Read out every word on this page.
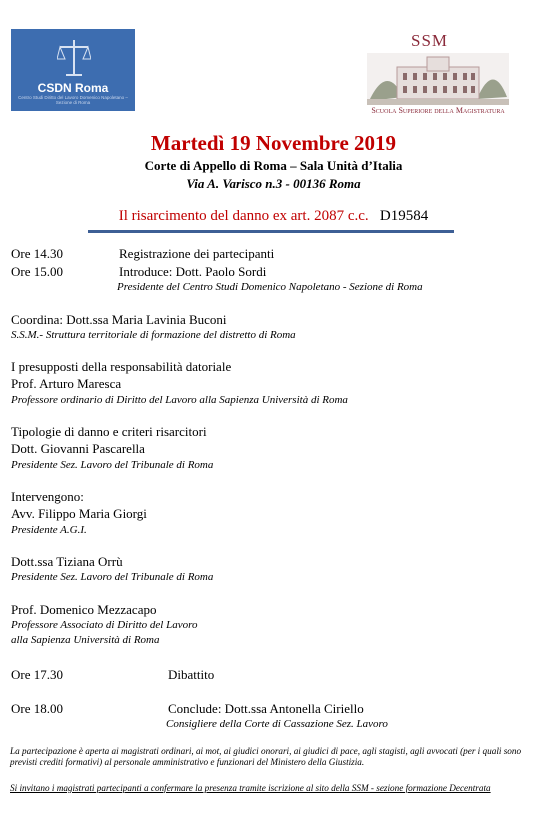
CSDN Roma
Centro Studi Diritto del Lavoro Domenico Napoletano – Sezione di Roma
SSM
Scuola Superiore della Magistratura
Martedì 19 Novembre 2019
Corte di Appello di Roma – Sala Unità d’Italia
Via A. Varisco n.3 - 00136 Roma
Il risarcimento del danno ex art. 2087 c.c. D19584
Ore 14.30	Registrazione dei partecipanti
Ore 15.00	Introduce: Dott. Paolo Sordi
Presidente del Centro Studi Domenico Napoletano - Sezione di Roma
Coordina: Dott.ssa Maria Lavinia Buconi
S.S.M.- Struttura territoriale di formazione del distretto di Roma
I presupposti della responsabilità datoriale
Prof. Arturo Maresca
Professore ordinario di Diritto del Lavoro alla Sapienza Università di Roma
Tipologie di danno e criteri risarcitori
Dott. Giovanni Pascarella
Presidente Sez. Lavoro del Tribunale di Roma
Intervengono:
Avv. Filippo Maria Giorgi
Presidente A.G.I.
Dott.ssa Tiziana Orrù
Presidente Sez. Lavoro del Tribunale di Roma
Prof. Domenico Mezzacapo
Professore Associato di Diritto del Lavoro
alla Sapienza Università di Roma
Ore 17.30	Dibattito
Ore 18.00	Conclude: Dott.ssa Antonella Ciriello
Consigliere della Corte di Cassazione Sez. Lavoro
La partecipazione è aperta ai magistrati ordinari, ai mot, ai giudici onorari, ai giudici di pace, agli stagisti, agli avvocati (per i quali sono previsti crediti formativi) al personale amministrativo e funzionari del Ministero della Giustizia.
Si invitano i magistrati partecipanti a confermare la presenza tramite iscrizione al sito della SSM - sezione formazione Decentrata
